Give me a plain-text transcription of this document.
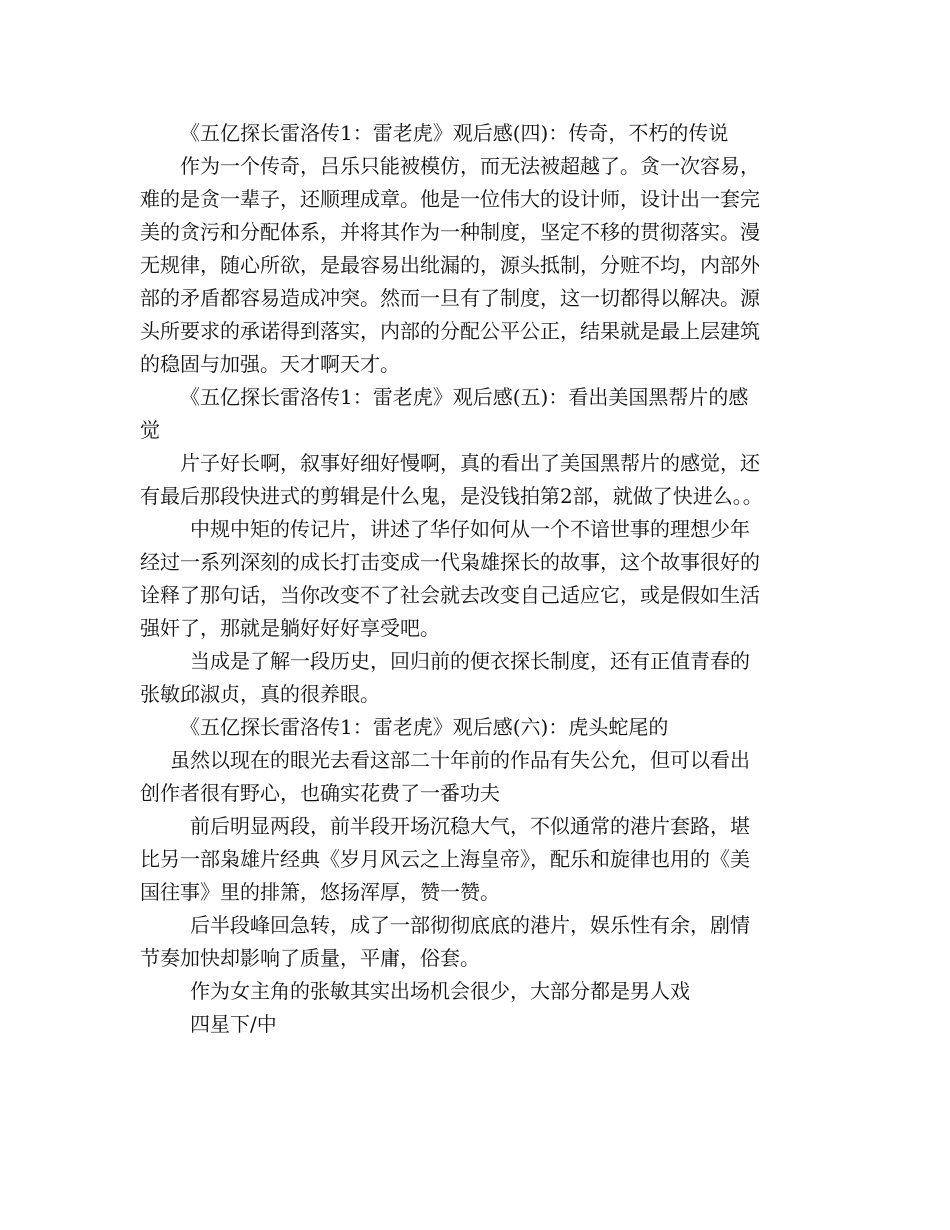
《五亿探长雷洛传1：雷老虎》观后感(四)：传奇，不朽的传说

作为一个传奇，吕乐只能被模仿，而无法被超越了。贪一次容易，

难的是贪一辈子，还顺理成章。他是一位伟大的设计师，设计出一套完

美的贪污和分配体系，并将其作为一种制度，坚定不移的贯彻落实。漫

无规律，随心所欲，是最容易出纰漏的，源头抵制，分赃不均，内部外

部的矛盾都容易造成冲突。然而一旦有了制度，这一切都得以解决。源

头所要求的承诺得到落实，内部的分配公平公正，结果就是最上层建筑

的稳固与加强。天才啊天才。

《五亿探长雷洛传1：雷老虎》观后感(五)：看出美国黑帮片的感

觉

片子好长啊，叙事好细好慢啊，真的看出了美国黑帮片的感觉，还

有最后那段快进式的剪辑是什么鬼，是没钱拍第2部，就做了快进么。。

中规中矩的传记片，讲述了华仔如何从一个不谙世事的理想少年

经过一系列深刻的成长打击变成一代枭雄探长的故事，这个故事很好的

诠释了那句话，当你改变不了社会就去改变自己适应它，或是假如生活

强奸了，那就是躺好好好享受吧。

当成是了解一段历史，回归前的便衣探长制度，还有正值青春的

张敏邱淑贞，真的很养眼。

《五亿探长雷洛传1：雷老虎》观后感(六)：虎头蛇尾的

虽然以现在的眼光去看这部二十年前的作品有失公允，但可以看出

创作者很有野心，也确实花费了一番功夫

前后明显两段，前半段开场沉稳大气，不似通常的港片套路，堪

比另一部枭雄片经典《岁月风云之上海皇帝》，配乐和旋律也用的《美

国往事》里的排箫，悠扬浑厚，赞一赞。

后半段峰回急转，成了一部彻彻底底的港片，娱乐性有余，剧情

节奏加快却影响了质量，平庸，俗套。

作为女主角的张敏其实出场机会很少，大部分都是男人戏

四星下/中
